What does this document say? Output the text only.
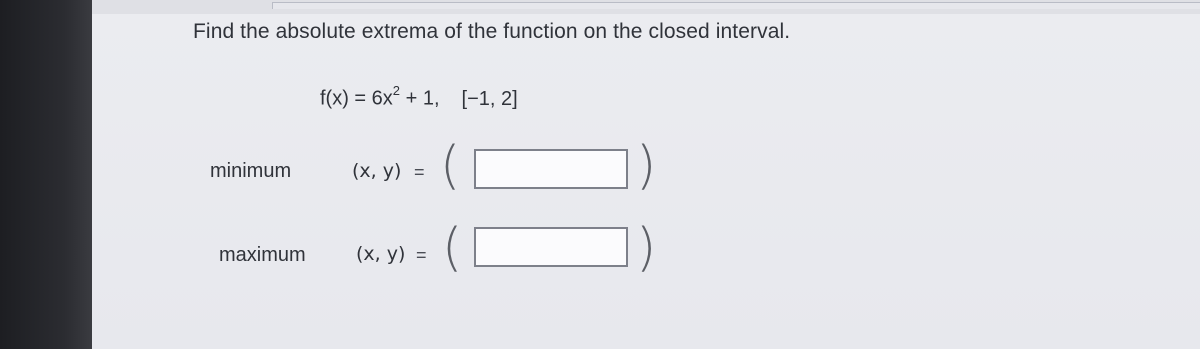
Find the absolute extrema of the function on the closed interval.
$f(x) = 6x^2 + 1$, [−1, 2]
minimum	(x, y) = (	)
maximum	(x, y) = (	)
